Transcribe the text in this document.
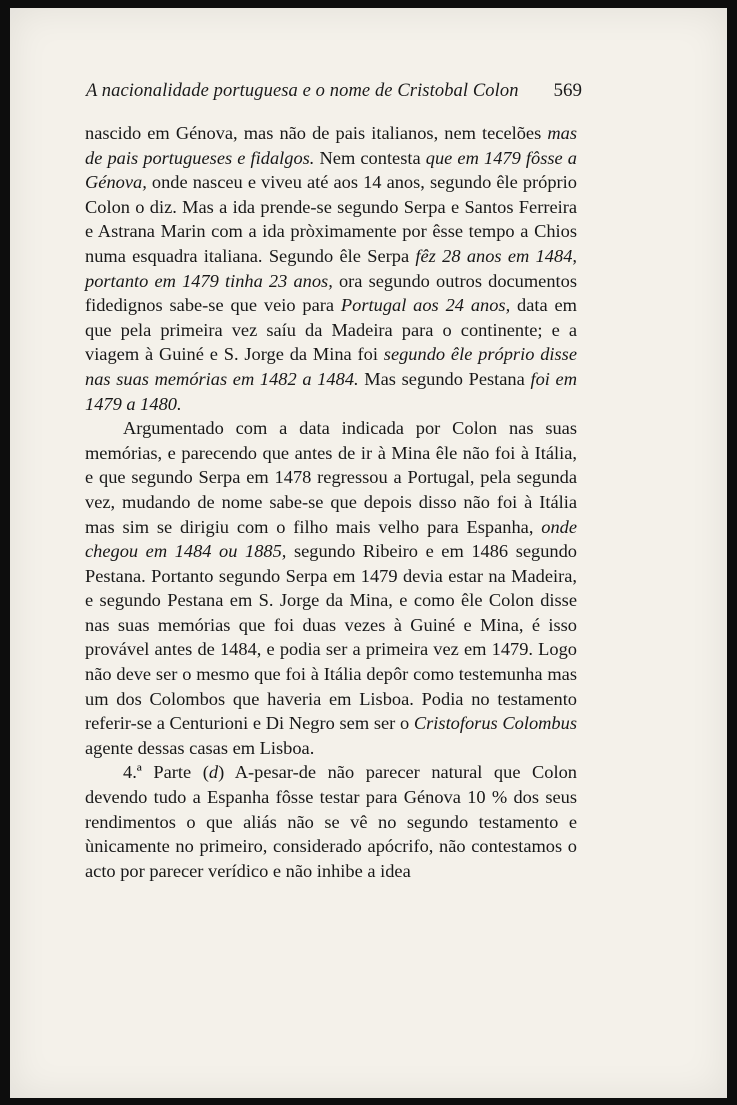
A nacionalidade portuguesa e o nome de Cristobal Colon 569

nascido em Génova, mas não de pais italianos, nem tecelões mas de pais portugueses e fidalgos. Nem contesta que em 1479 fôsse a Génova, onde nasceu e viveu até aos 14 anos, segundo êle próprio Colon o diz. Mas a ida prende-se segundo Serpa e Santos Ferreira e Astrana Marin com a ida pròximamente por êsse tempo a Chios numa esquadra italiana. Segundo êle Serpa fêz 28 anos em 1484, portanto em 1479 tinha 23 anos, ora segundo outros documentos fidedignos sabe-se que veio para Portugal aos 24 anos, data em que pela primeira vez saíu da Madeira para o continente; e a viagem à Guiné e S. Jorge da Mina foi segundo êle próprio disse nas suas memórias em 1482 a 1484. Mas segundo Pestana foi em 1479 a 1480.

Argumentado com a data indicada por Colon nas suas memórias, e parecendo que antes de ir à Mina êle não foi à Itália, e que segundo Serpa em 1478 regressou a Portugal, pela segunda vez, mudando de nome sabe-se que depois disso não foi à Itália mas sim se dirigiu com o filho mais velho para Espanha, onde chegou em 1484 ou 1885, segundo Ribeiro e em 1486 segundo Pestana. Portanto segundo Serpa em 1479 devia estar na Madeira, e segundo Pestana em S. Jorge da Mina, e como êle Colon disse nas suas memórias que foi duas vezes à Guiné e Mina, é isso provável antes de 1484, e podia ser a primeira vez em 1479. Logo não deve ser o mesmo que foi à Itália depôr como testemunha mas um dos Colombos que haveria em Lisboa. Podia no testamento referir-se a Centurioni e Di Negro sem ser o Cristoforus Colombus agente dessas casas em Lisboa.

4.ª Parte (d) A-pesar-de não parecer natural que Colon devendo tudo a Espanha fôsse testar para Génova 10 % dos seus rendimentos o que aliás não se vê no segundo testamento e ùnicamente no primeiro, considerado apócrifo, não contestamos o acto por parecer verídico e não inhibe a idea
